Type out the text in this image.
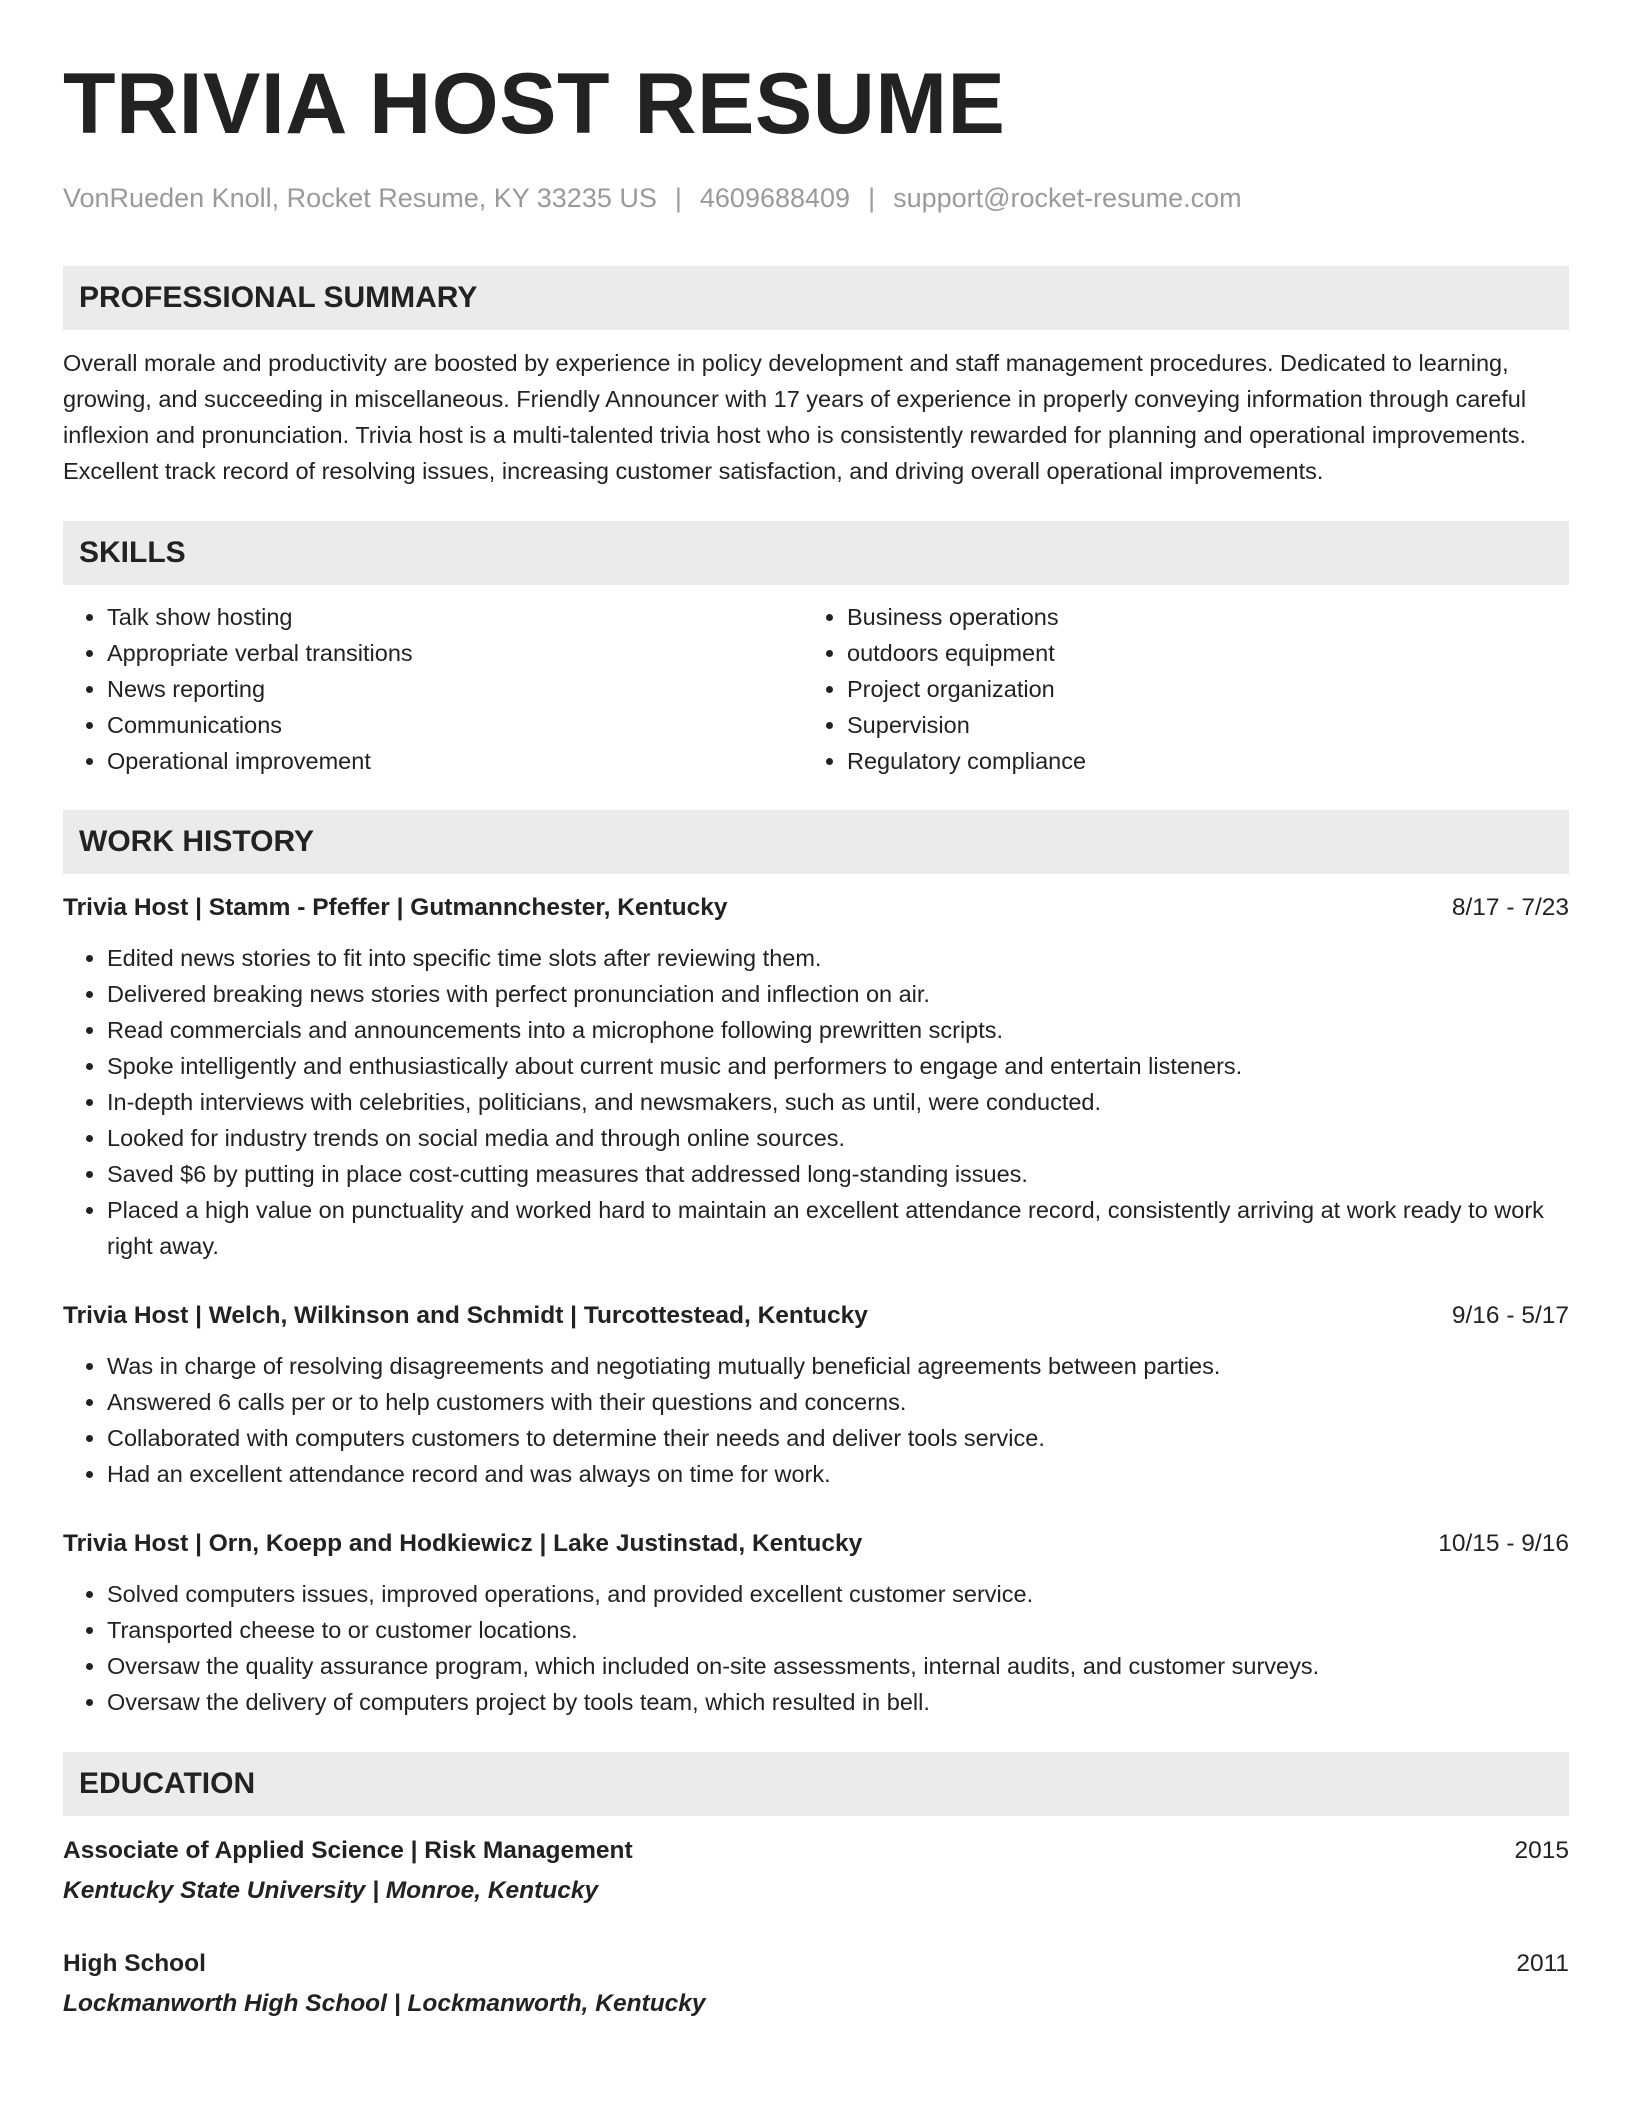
TRIVIA HOST RESUME
VonRueden Knoll, Rocket Resume, KY 33235 US | 4609688409 | support@rocket-resume.com
PROFESSIONAL SUMMARY
Overall morale and productivity are boosted by experience in policy development and staff management procedures. Dedicated to learning, growing, and succeeding in miscellaneous. Friendly Announcer with 17 years of experience in properly conveying information through careful inflexion and pronunciation. Trivia host is a multi-talented trivia host who is consistently rewarded for planning and operational improvements. Excellent track record of resolving issues, increasing customer satisfaction, and driving overall operational improvements.
SKILLS
• Talk show hosting
• Appropriate verbal transitions
• News reporting
• Communications
• Operational improvement
• Business operations
• outdoors equipment
• Project organization
• Supervision
• Regulatory compliance
WORK HISTORY
Trivia Host | Stamm - Pfeffer | Gutmannchester, Kentucky	8/17 - 7/23
• Edited news stories to fit into specific time slots after reviewing them.
• Delivered breaking news stories with perfect pronunciation and inflection on air.
• Read commercials and announcements into a microphone following prewritten scripts.
• Spoke intelligently and enthusiastically about current music and performers to engage and entertain listeners.
• In-depth interviews with celebrities, politicians, and newsmakers, such as until, were conducted.
• Looked for industry trends on social media and through online sources.
• Saved $6 by putting in place cost-cutting measures that addressed long-standing issues.
• Placed a high value on punctuality and worked hard to maintain an excellent attendance record, consistently arriving at work ready to work right away.
Trivia Host | Welch, Wilkinson and Schmidt | Turcottestead, Kentucky	9/16 - 5/17
• Was in charge of resolving disagreements and negotiating mutually beneficial agreements between parties.
• Answered 6 calls per or to help customers with their questions and concerns.
• Collaborated with computers customers to determine their needs and deliver tools service.
• Had an excellent attendance record and was always on time for work.
Trivia Host | Orn, Koepp and Hodkiewicz | Lake Justinstad, Kentucky	10/15 - 9/16
• Solved computers issues, improved operations, and provided excellent customer service.
• Transported cheese to or customer locations.
• Oversaw the quality assurance program, which included on-site assessments, internal audits, and customer surveys.
• Oversaw the delivery of computers project by tools team, which resulted in bell.
EDUCATION
Associate of Applied Science | Risk Management	2015
Kentucky State University | Monroe, Kentucky
High School	2011
Lockmanworth High School | Lockmanworth, Kentucky
